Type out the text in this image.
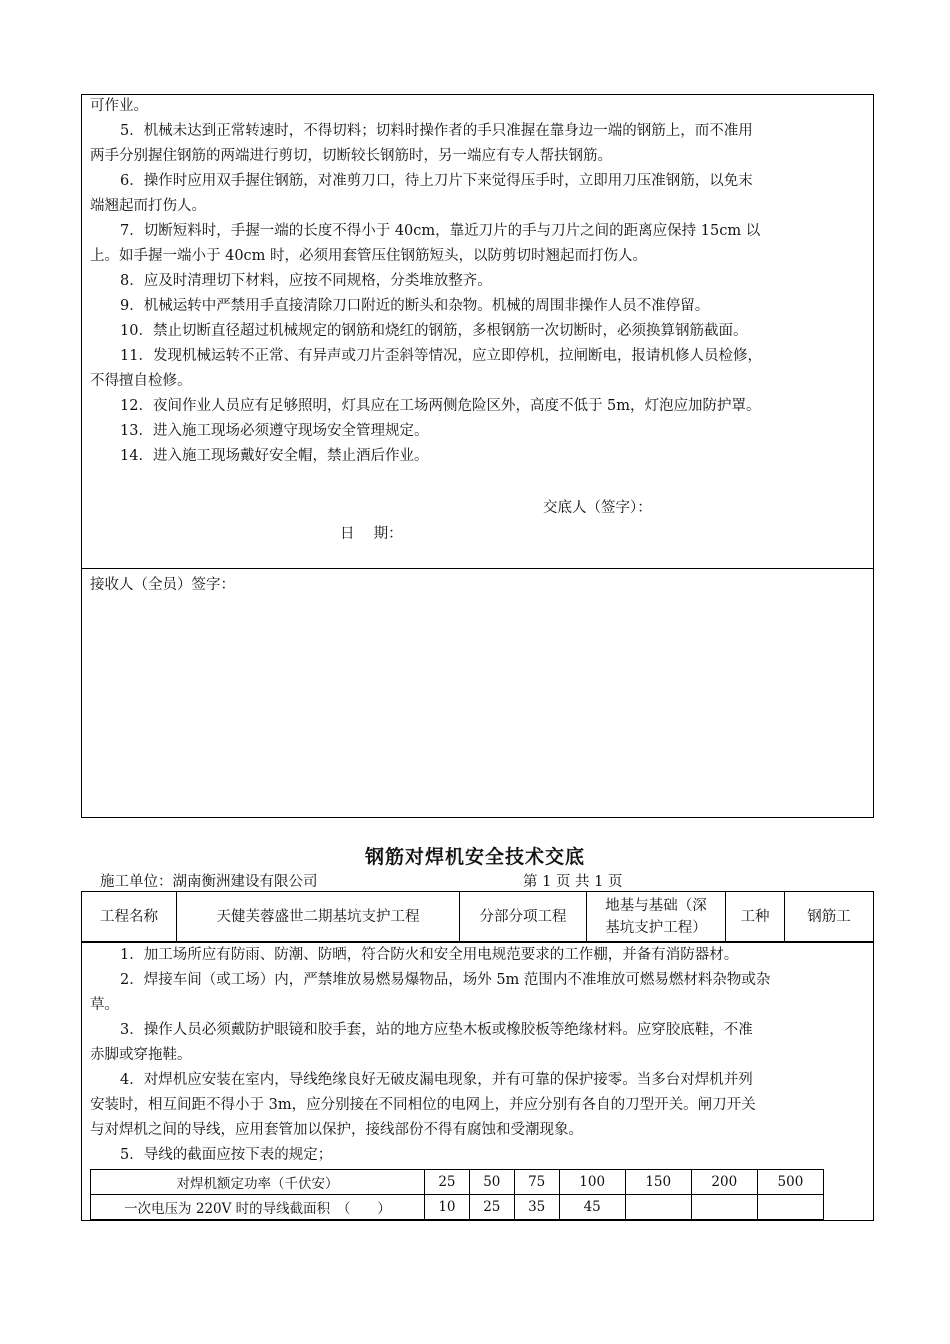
可作业。
5．机械未达到正常转速时，不得切料；切料时操作者的手只准握在靠身边一端的钢筋上，而不准用
两手分别握住钢筋的两端进行剪切，切断较长钢筋时，另一端应有专人帮扶钢筋。
6．操作时应用双手握住钢筋，对准剪刀口，待上刀片下来觉得压手时，立即用刀压准钢筋，以免末
端翘起而打伤人。
7．切断短料时，手握一端的长度不得小于 40cm，靠近刀片的手与刀片之间的距离应保持 15cm 以
上。如手握一端小于 40cm 时，必须用套管压住钢筋短头，以防剪切时翘起而打伤人。
8．应及时清理切下材料，应按不同规格，分类堆放整齐。
9．机械运转中严禁用手直接清除刀口附近的断头和杂物。机械的周围非操作人员不准停留。
10．禁止切断直径超过机械规定的钢筋和烧红的钢筋，多根钢筋一次切断时，必须换算钢筋截面。
11．发现机械运转不正常、有异声或刀片歪斜等情况，应立即停机，拉闸断电，报请机修人员检修，
不得擅自检修。
12．夜间作业人员应有足够照明，灯具应在工场两侧危险区外，高度不低于 5m，灯泡应加防护罩。
13．进入施工现场必须遵守现场安全管理规定。
14．进入施工现场戴好安全帽，禁止酒后作业。
交底人（签字）：
日　 期：
接收人（全员）签字：
钢筋对焊机安全技术交底
施工单位：湖南衡洲建设有限公司	第 1 页 共 1 页
工程名称	天健芙蓉盛世二期基坑支护工程	分部分项工程	
地基与基础（深
基坑支护工程）
	工种	钢筋工
1．加工场所应有防雨、防潮、防晒，符合防火和安全用电规范要求的工作棚，并备有消防器材。
2．焊接车间（或工场）内，严禁堆放易燃易爆物品，场外 5m 范围内不准堆放可燃易燃材料杂物或杂
草。
3．操作人员必须戴防护眼镜和胶手套，站的地方应垫木板或橡胶板等绝缘材料。应穿胶底鞋，不准
赤脚或穿拖鞋。
4．对焊机应安装在室内，导线绝缘良好无破皮漏电现象，并有可靠的保护接零。当多台对焊机并列
安装时，相互间距不得小于 3m，应分别接在不同相位的电网上，并应分别有各自的刀型开关。闸刀开关
与对焊机之间的导线，应用套管加以保护，接线部份不得有腐蚀和受潮现象。
5．导线的截面应按下表的规定；
对焊机额定功率（千伏安）	25	50	75	100	150	200	500
一次电压为 220V 时的导线截面积　（　　）	10	25	35	45			
